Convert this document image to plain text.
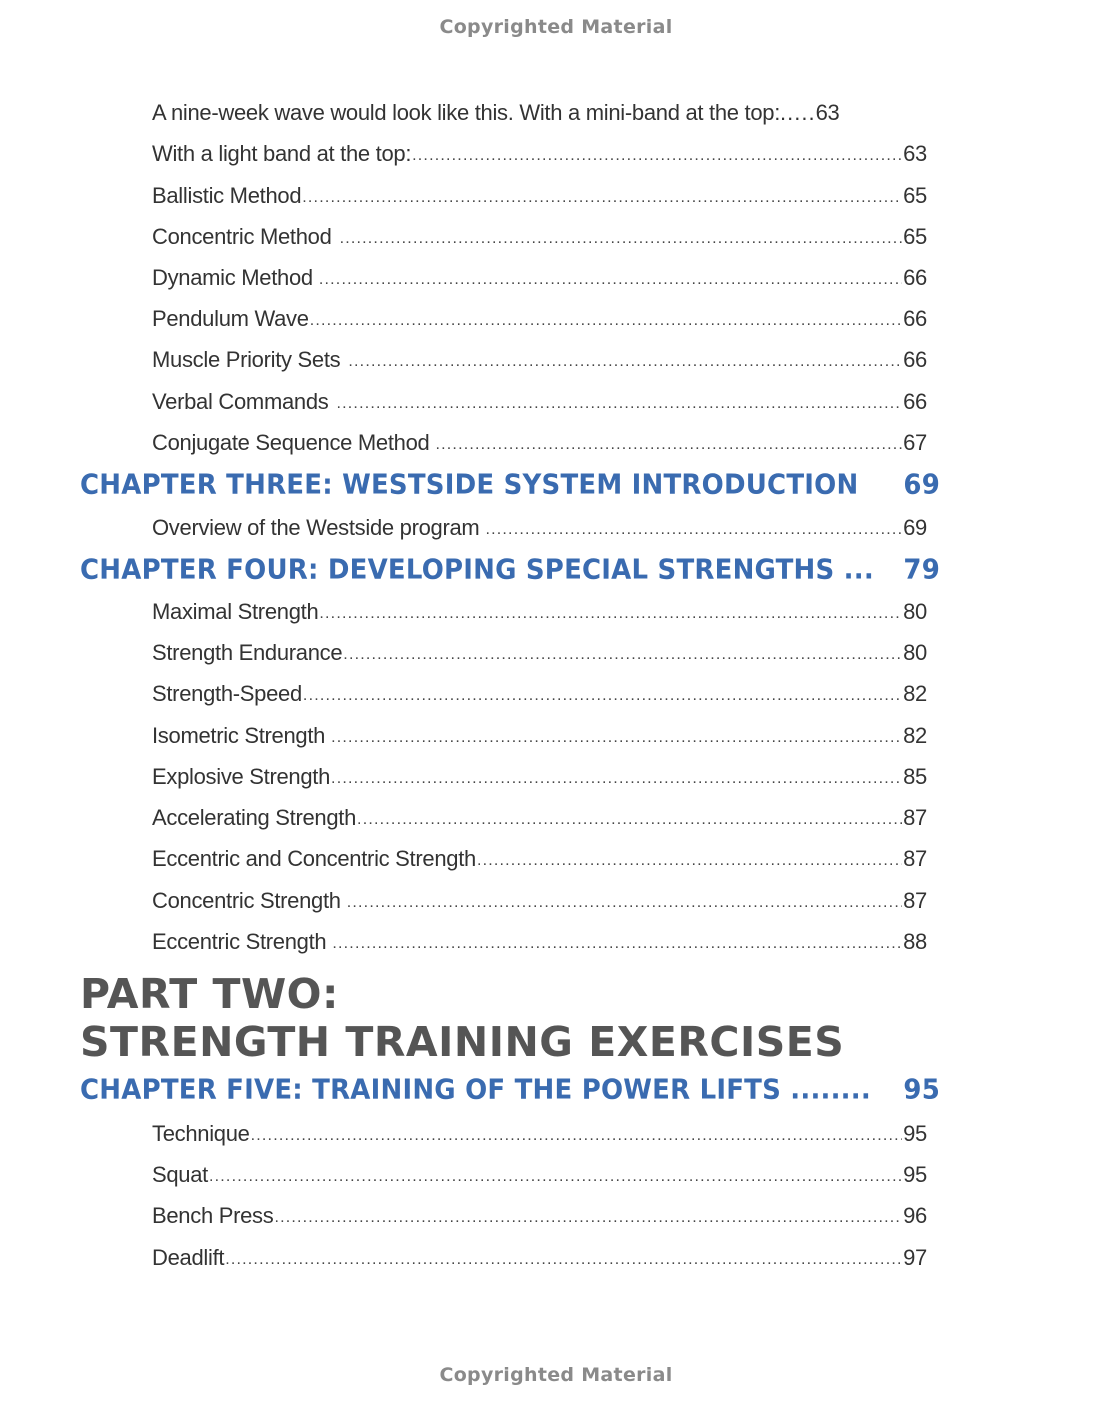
Copyrighted Material
A nine-week wave would look like this. With a mini-band at the top: ..... 63
With a light band at the top: .....	63
Ballistic Method .....	65
Concentric Method .....	65
Dynamic Method .....	66
Pendulum Wave .....	66
Muscle Priority Sets .....	66
Verbal Commands .....	66
Conjugate Sequence Method .....	67
CHAPTER THREE: WESTSIDE SYSTEM INTRODUCTION 69
Overview of the Westside program .....	69
CHAPTER FOUR: DEVELOPING SPECIAL STRENGTHS ... 79
Maximal Strength .....	80
Strength Endurance .....	80
Strength-Speed .....	82
Isometric Strength .....	82
Explosive Strength .....	85
Accelerating Strength .....	87
Eccentric and Concentric Strength .....	87
Concentric Strength .....	87
Eccentric Strength .....	88
PART TWO:
STRENGTH TRAINING EXERCISES
CHAPTER FIVE: TRAINING OF THE POWER LIFTS ........ 95
Technique .....	95
Squat .....	95
Bench Press .....	96
Deadlift .....	97
Copyrighted Material
